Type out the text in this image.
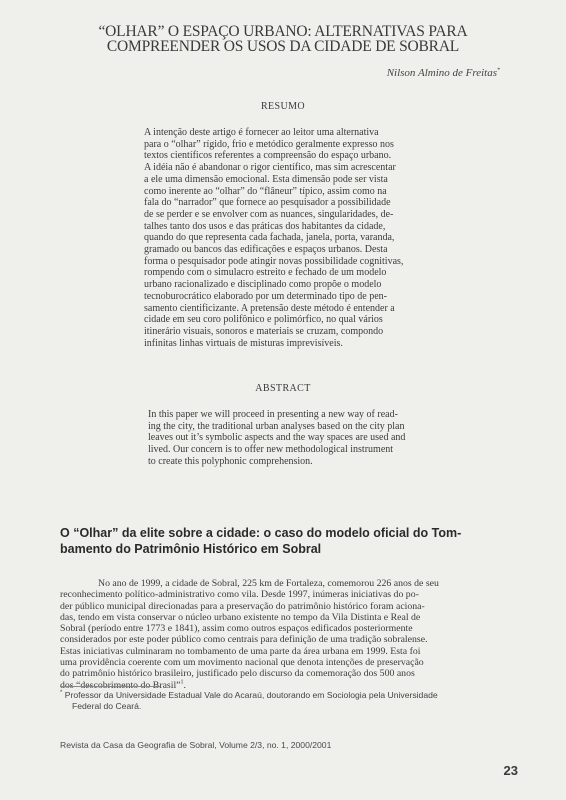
“OLHAR” O ESPAÇO URBANO: ALTERNATIVAS PARA
COMPREENDER OS USOS DA CIDADE DE SOBRAL
Nilson Almino de Freitas*
RESUMO
A intenção deste artigo é fornecer ao leitor uma alternativa
para o “olhar” rígido, frio e metódico geralmente expresso nos
textos científicos referentes a compreensão do espaço urbano.
A idéia não é abandonar o rigor científico, mas sim acrescentar
a ele uma dimensão emocional. Esta dimensão pode ser vista
como inerente ao “olhar” do “flâneur” típico, assim como na
fala do “narrador” que fornece ao pesquisador a possibilidade
de se perder e se envolver com as nuances, singularidades, de-
talhes tanto dos usos e das práticas dos habitantes da cidade,
quando do que representa cada fachada, janela, porta, varanda,
gramado ou bancos das edificações e espaços urbanos. Desta
forma o pesquisador pode atingir novas possibilidade cognitivas,
rompendo com o simulacro estreito e fechado de um modelo
urbano racionalizado e disciplinado como propõe o modelo
tecnoburocrático elaborado por um determinado tipo de pen-
samento cientificizante. A pretensão deste método é entender a
cidade em seu coro polifônico e polimórfico, no qual vários
itinerário visuais, sonoros e materiais se cruzam, compondo
infinitas linhas virtuais de misturas imprevisíveis.
ABSTRACT
In this paper we will proceed in presenting a new way of read-
ing the city, the traditional urban analyses based on the city plan
leaves out it’s symbolic aspects and the way spaces are used and
lived. Our concern is to offer new methodological instrument
to create this polyphonic comprehension.
O “Olhar” da elite sobre a cidade: o caso do modelo oficial do Tom-
bamento do Patrimônio Histórico em Sobral
No ano de 1999, a cidade de Sobral, 225 km de Fortaleza, comemorou 226 anos de seu
reconhecimento político-administrativo como vila. Desde 1997, inúmeras iniciativas do po-
der público municipal direcionadas para a preservação do patrimônio histórico foram aciona-
das, tendo em vista conservar o núcleo urbano existente no tempo da Vila Distinta e Real de
Sobral (período entre 1773 e 1841), assim como outros espaços edificados posteriormente
considerados por este poder público como centrais para definição de uma tradição sobralense.
Estas iniciativas culminaram no tombamento de uma parte da área urbana em 1999. Esta foi
uma providência coerente com um movimento nacional que denota intenções de preservação
do patrimônio histórico brasileiro, justificado pelo discurso da comemoração dos 500 anos
dos “descobrimento do Brasil”$^1$.
* Professor da Universidade Estadual Vale do Acaraú, doutorando em Sociologia pela Universidade
Federal do Ceará.
Revista da Casa da Geografia de Sobral, Volume 2/3, no. 1, 2000/2001
23
